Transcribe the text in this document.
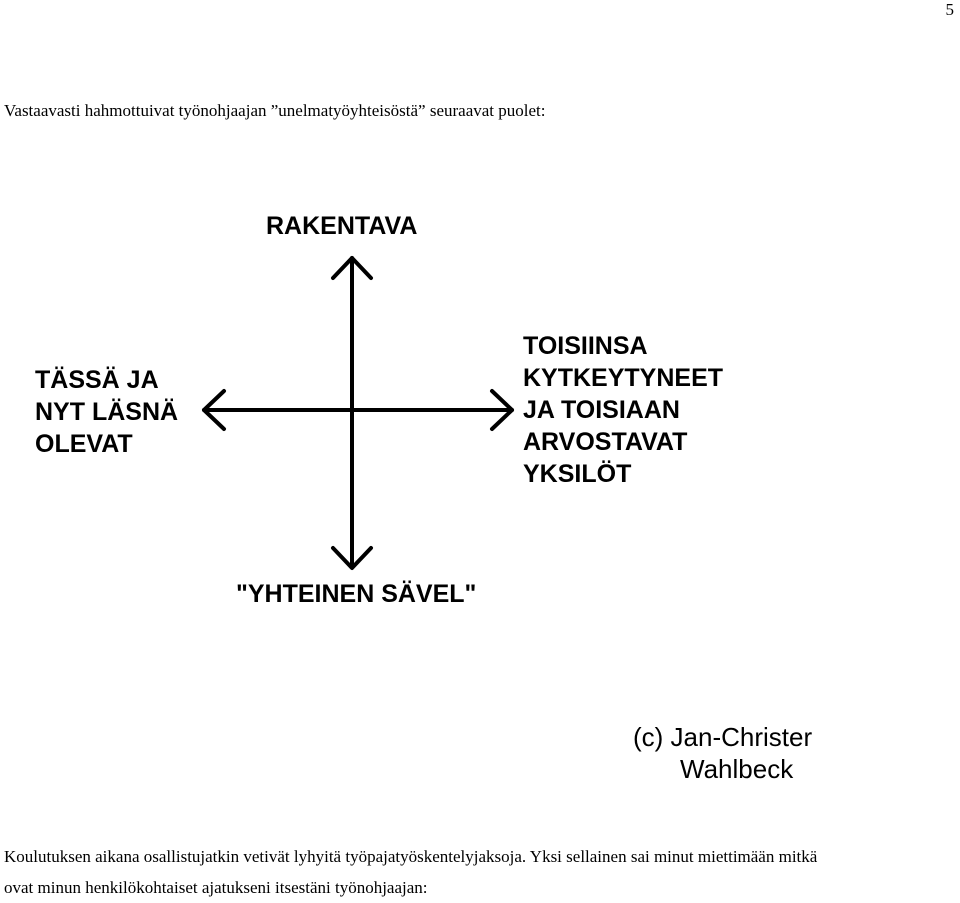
5
Vastaavasti hahmottuivat työnohjaajan ”unelmatyöyhteisöstä” seuraavat puolet:

RAKENTAVA

TÄSSÄ JA
NYT LÄSNÄ
OLEVAT
TOISIINSA
KYTKEYTYNEET
JA TOISIAAN
ARVOSTAVAT
YKSILÖT

"YHTEINEN SÄVEL"

(c) Jan-Christer
Wahlbeck
Koulutuksen aikana osallistujatkin vetivät lyhyitä työpajatyöskentelyjaksoja. Yksi sellainen sai minut miettimään mitkä
ovat minun henkilökohtaiset ajatukseni itsestäni työnohjaajan:
